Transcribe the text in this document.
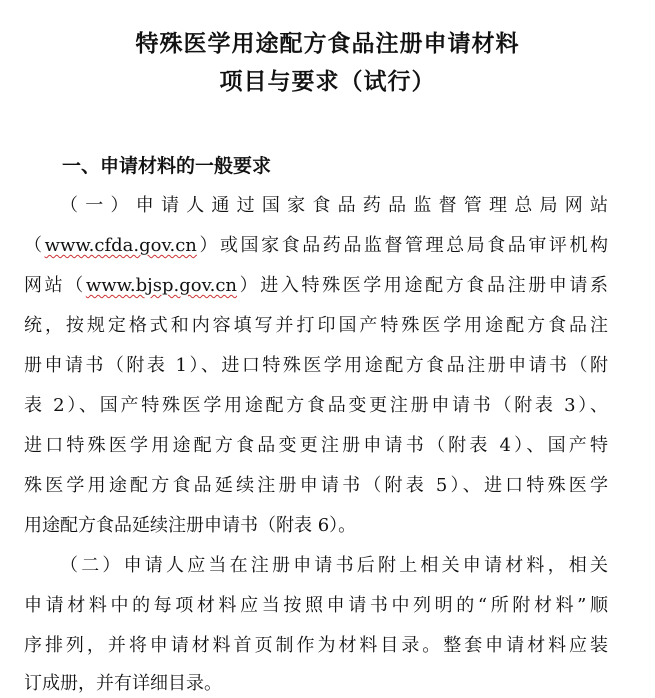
特殊医学用途配方食品注册申请材料
项目与要求（试行）
一、申请材料的一般要求
（一）申请人通过国家食品药品监督管理总局网站
（www.cfda.gov.cn）或国家食品药品监督管理总局食品审评机构
网站（www.bjsp.gov.cn）进入特殊医学用途配方食品注册申请系
统，按规定格式和内容填写并打印国产特殊医学用途配方食品注
册申请书（附表 1）、进口特殊医学用途配方食品注册申请书（附
表 2）、国产特殊医学用途配方食品变更注册申请书（附表 3）、
进口特殊医学用途配方食品变更注册申请书（附表 4）、国产特
殊医学用途配方食品延续注册申请书（附表 5）、进口特殊医学
用途配方食品延续注册申请书（附表 6）。
（二）申请人应当在注册申请书后附上相关申请材料，相关
申请材料中的每项材料应当按照申请书中列明的“所附材料”顺
序排列，并将申请材料首页制作为材料目录。整套申请材料应装
订成册，并有详细目录。
